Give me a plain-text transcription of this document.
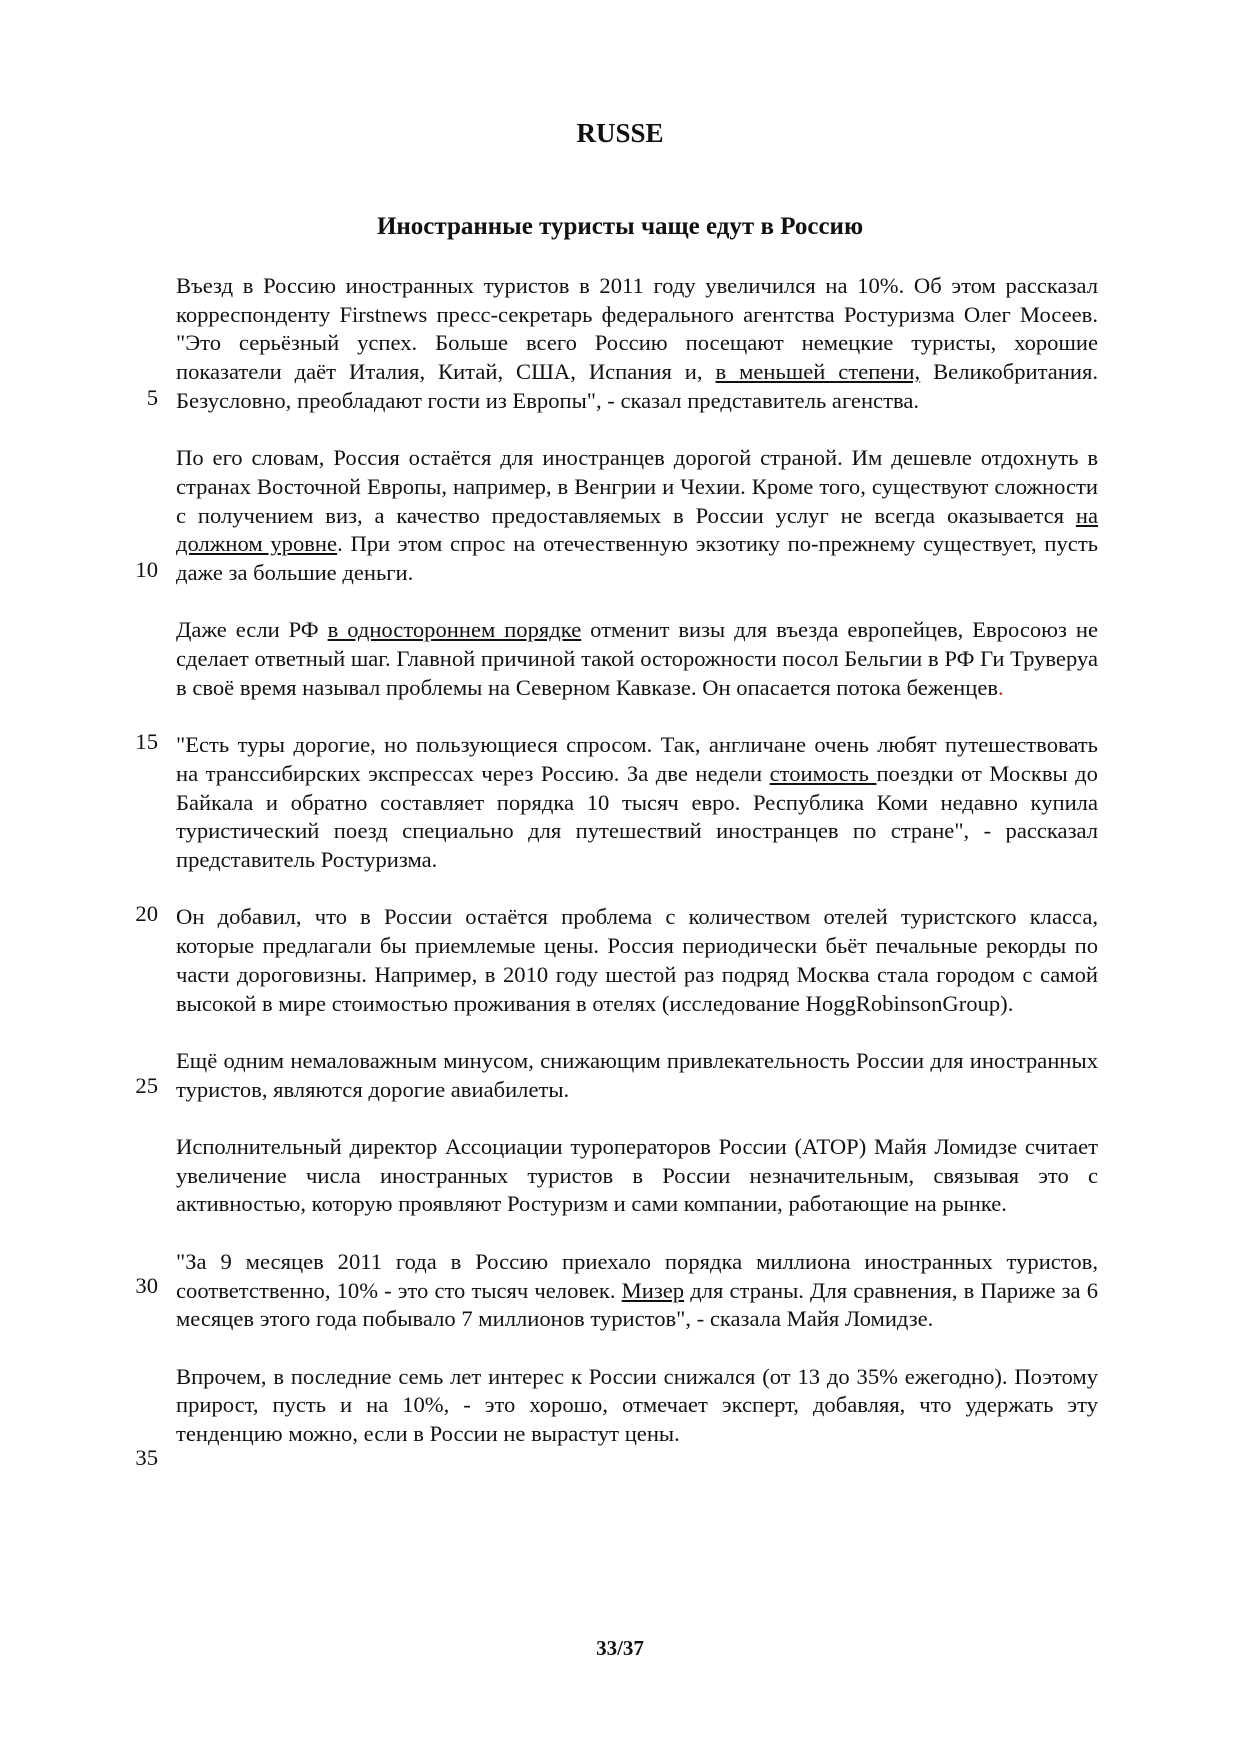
RUSSE
Иностранные туристы чаще едут в Россию

Въезд в Россию иностранных туристов в 2011 году увеличился на 10%. Об этом рассказал корреспонденту Firstnews пресс-секретарь федерального агентства Ростуризма Олег Мосеев. "Это серьёзный успех. Больше всего Россию посещают немецкие туристы, хорошие показатели даёт Италия, Китай, США, Испания и, в меньшей степени, Великобритания. Безусловно, преобладают гости из Европы", - сказал представитель агенства.

По его словам, Россия остаётся для иностранцев дорогой страной. Им дешевле отдохнуть в странах Восточной Европы, например, в Венгрии и Чехии. Кроме того, существуют сложности с получением виз, а качество предоставляемых в России услуг не всегда оказывается на должном уровне. При этом спрос на отечественную экзотику по-прежнему существует, пусть даже за большие деньги.

Даже если РФ в одностороннем порядке отменит визы для въезда европейцев, Евросоюз не сделает ответный шаг. Главной причиной такой осторожности посол Бельгии в РФ Ги Труверуа в своё время называл проблемы на Северном Кавказе. Он опасается потока беженцев.

"Есть туры дорогие, но пользующиеся спросом. Так, англичане очень любят путешествовать на транссибирских экспрессах через Россию. За две недели стоимость поездки от Москвы до Байкала и обратно составляет порядка 10 тысяч евро. Республика Коми недавно купила туристический поезд специально для путешествий иностранцев по стране", - рассказал представитель Ростуризма.

Он добавил, что в России остаётся проблема с количеством отелей туристского класса, которые предлагали бы приемлемые цены. Россия периодически бьёт печальные рекорды по части дороговизны. Например, в 2010 году шестой раз подряд Москва стала городом с самой высокой в мире стоимостью проживания в отелях (исследование HoggRobinsonGroup).

Ещё одним немаловажным минусом, снижающим привлекательность России для иностранных туристов, являются дорогие авиабилеты.

Исполнительный директор Ассоциации туроператоров России (АТОР) Майя Ломидзе считает увеличение числа иностранных туристов в России незначительным, связывая это с активностью, которую проявляют Ростуризм и сами компании, работающие на рынке.

"За 9 месяцев 2011 года в Россию приехало порядка миллиона иностранных туристов, соответственно, 10% - это сто тысяч человек. Мизер для страны. Для сравнения, в Париже за 6 месяцев этого года побывало 7 миллионов туристов", - сказала Майя Ломидзе.

Впрочем, в последние семь лет интерес к России снижался (от 13 до 35% ежегодно). Поэтому прирост, пусть и на 10%, - это хорошо, отмечает эксперт, добавляя, что удержать эту тенденцию можно, если в России не вырастут цены.

5
10
15
20
25
30
35
33/37
